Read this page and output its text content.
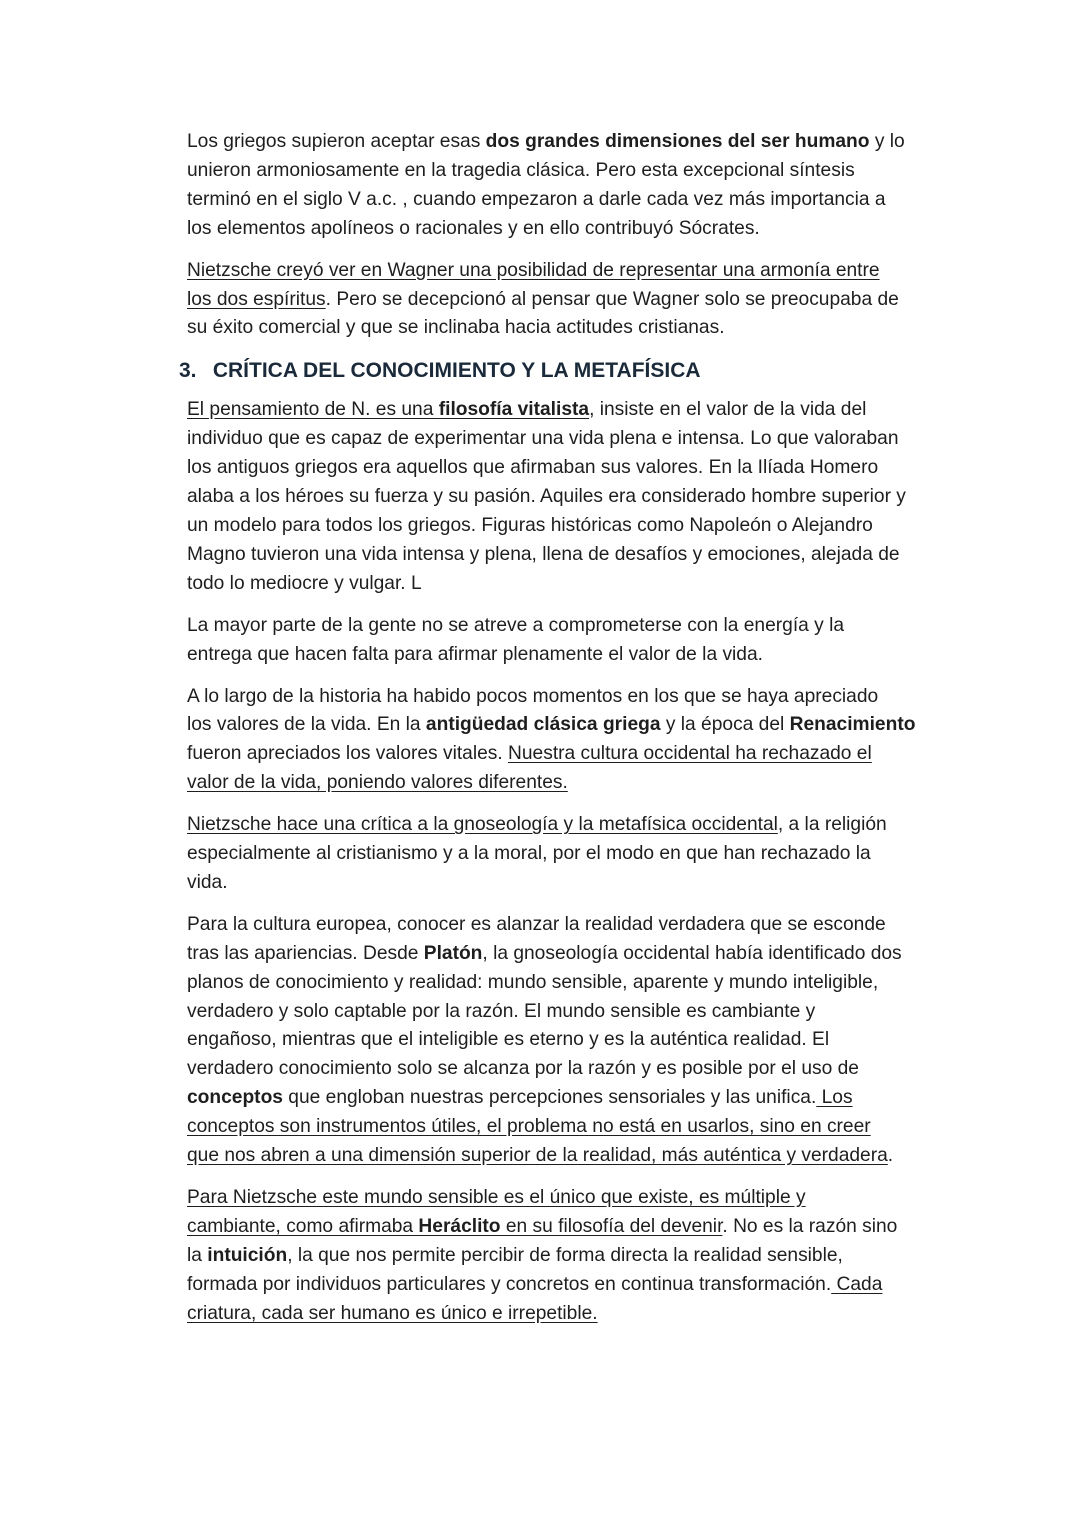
Los griegos supieron aceptar esas dos grandes dimensiones del ser humano y lo
unieron armoniosamente en la tragedia clásica. Pero esta excepcional síntesis
terminó en el siglo V a.c. , cuando empezaron a darle cada vez más importancia a
los elementos apolíneos o racionales y en ello contribuyó Sócrates.

Nietzsche creyó ver en Wagner una posibilidad de representar una armonía entre
los dos espíritus. Pero se decepcionó al pensar que Wagner solo se preocupaba de
su éxito comercial y que se inclinaba hacia actitudes cristianas.

3. CRÍTICA DEL CONOCIMIENTO Y LA METAFÍSICA

El pensamiento de N. es una filosofía vitalista, insiste en el valor de la vida del
individuo que es capaz de experimentar una vida plena e intensa. Lo que valoraban
los antiguos griegos era aquellos que afirmaban sus valores. En la Ilíada Homero
alaba a los héroes su fuerza y su pasión. Aquiles era considerado hombre superior y
un modelo para todos los griegos. Figuras históricas como Napoleón o Alejandro
Magno tuvieron una vida intensa y plena, llena de desafíos y emociones, alejada de
todo lo mediocre y vulgar. L

La mayor parte de la gente no se atreve a comprometerse con la energía y la
entrega que hacen falta para afirmar plenamente el valor de la vida.

A lo largo de la historia ha habido pocos momentos en los que se haya apreciado
los valores de la vida. En la antigüedad clásica griega y la época del Renacimiento
fueron apreciados los valores vitales. Nuestra cultura occidental ha rechazado el
valor de la vida, poniendo valores diferentes.

Nietzsche hace una crítica a la gnoseología y la metafísica occidental, a la religión
especialmente al cristianismo y a la moral, por el modo en que han rechazado la
vida.

Para la cultura europea, conocer es alanzar la realidad verdadera que se esconde
tras las apariencias. Desde Platón, la gnoseología occidental había identificado dos
planos de conocimiento y realidad: mundo sensible, aparente y mundo inteligible,
verdadero y solo captable por la razón. El mundo sensible es cambiante y
engañoso, mientras que el inteligible es eterno y es la auténtica realidad. El
verdadero conocimiento solo se alcanza por la razón y es posible por el uso de
conceptos que engloban nuestras percepciones sensoriales y las unifica. Los
conceptos son instrumentos útiles, el problema no está en usarlos, sino en creer
que nos abren a una dimensión superior de la realidad, más auténtica y verdadera.

Para Nietzsche este mundo sensible es el único que existe, es múltiple y
cambiante, como afirmaba Heráclito en su filosofía del devenir. No es la razón sino
la intuición, la que nos permite percibir de forma directa la realidad sensible,
formada por individuos particulares y concretos en continua transformación. Cada
criatura, cada ser humano es único e irrepetible.
